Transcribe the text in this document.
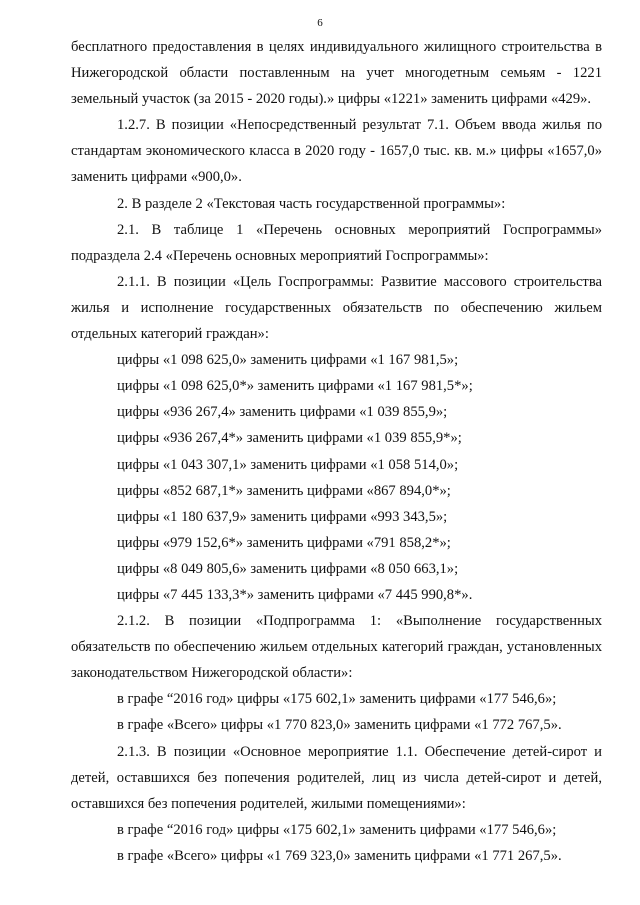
6

бесплатного предоставления в целях индивидуального жилищного строительства в Нижегородской области поставленным на учет многодетным семьям - 1221 земельный участок (за 2015 - 2020 годы).» цифры «1221» заменить цифрами «429».

1.2.7. В позиции «Непосредственный результат 7.1. Объем ввода жилья по стандартам экономического класса в 2020 году - 1657,0 тыс. кв. м.» цифры «1657,0» заменить цифрами «900,0».

2. В разделе 2 «Текстовая часть государственной программы»:

2.1. В таблице 1 «Перечень основных мероприятий Госпрограммы» подраздела 2.4 «Перечень основных мероприятий Госпрограммы»:

2.1.1. В позиции «Цель Госпрограммы: Развитие массового строительства жилья и исполнение государственных обязательств по обеспечению жильем отдельных категорий граждан»:

цифры «1 098 625,0» заменить цифрами «1 167 981,5»;

цифры «1 098 625,0*» заменить цифрами «1 167 981,5*»;

цифры «936 267,4» заменить цифрами «1 039 855,9»;

цифры «936 267,4*» заменить цифрами «1 039 855,9*»;

цифры «1 043 307,1» заменить цифрами «1 058 514,0»;

цифры «852 687,1*» заменить цифрами «867 894,0*»;

цифры «1 180 637,9» заменить цифрами «993 343,5»;

цифры «979 152,6*» заменить цифрами «791 858,2*»;

цифры «8 049 805,6» заменить цифрами «8 050 663,1»;

цифры «7 445 133,3*» заменить цифрами «7 445 990,8*».

2.1.2. В позиции «Подпрограмма 1: «Выполнение государственных обязательств по обеспечению жильем отдельных категорий граждан, установленных законодательством Нижегородской области»:

в графе “2016 год» цифры «175 602,1» заменить цифрами «177 546,6»;

в графе «Всего» цифры «1 770 823,0» заменить цифрами «1 772 767,5».

2.1.3. В позиции «Основное мероприятие 1.1. Обеспечение детей-сирот и детей, оставшихся без попечения родителей, лиц из числа детей-сирот и детей, оставшихся без попечения родителей, жилыми помещениями»:

в графе “2016 год» цифры «175 602,1» заменить цифрами «177 546,6»;

в графе «Всего» цифры «1 769 323,0» заменить цифрами «1 771 267,5».
